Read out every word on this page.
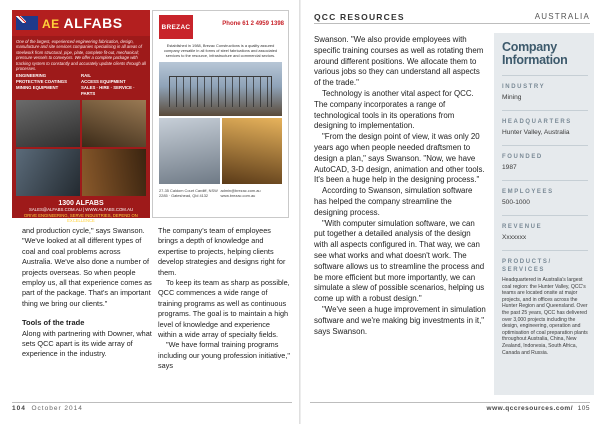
AE ALFABS
One of the largest, experienced engineering fabrication, design, manufacture and site services companies specialising in all areas of steelwork from structural, pipe, plate, complete fit-out, mechanical; pressure vessels to conveyors. We offer a complete package with tracking system to constantly and accurately update clients through all processes.
ENGINEERING	RAIL
PROTECTIVE COATINGS	ACCESS EQUIPMENT
MINING EQUIPMENT	SALES · HIRE · SERVICE · PARTS
1300 ALFABS
SALES@ALFABS.COM.AU | WWW.ALFABS.COM.AU
DRIVE ENGINEERING, SERVE INDUSTRIES, DEPEND ON EXCELLENCE
BREZAC	Phone 61 2 4959 1398
Established in 1988, Brezac Constructions is a quality assured company versatile in all forms of steel fabrications and associated services to the resource, infrastructure and commercial sectors.
27-35 Caldom Court Cardiff, NSW 2285 · Gateshead, Qld 4132
admin@brezac.com.au www.brezac.com.au

and production cycle," says Swanson. "We've looked at all different types of coal and coal problems across Australia. We've also done a number of projects overseas. So when people employ us, all that experience comes as part of the package. That's an important thing we bring our clients."

Tools of the trade

Along with partnering with Downer, what sets QCC apart is its wide array of experience in the industry.

The company's team of employees brings a depth of knowledge and expertise to projects, helping clients develop strategies and designs right for them.

To keep its team as sharp as possible, QCC commences a wide range of training programs as well as continuous programs. The goal is to maintain a high level of knowledge and experience within a wide array of specialty fields.

"We have formal training programs including our young profession initiative," says

104 October 2014
QCC RESOURCES	AUSTRALIA

Swanson. "We also provide employees with specific training courses as well as rotating them around different positions. We allocate them to various jobs so they can understand all aspects of the trade."

Technology is another vital aspect for QCC. The company incorporates a range of technological tools in its operations from designing to implementation.

"From the design point of view, it was only 20 years ago when people needed draftsmen to design a plan," says Swanson. "Now, we have AutoCAD, 3-D design, animation and other tools. It's been a huge help in the designing process."

According to Swanson, simulation software has helped the company streamline the designing process.

"With computer simulation software, we can put together a detailed analysis of the design with all aspects configured in. That way, we can see what works and what doesn't work. The software allows us to streamline the process and be more efficient but more importantly, we can simulate a slew of possible scenarios, helping us come up with a robust design."

"We've seen a huge improvement in simulation software and we're making big investments in it," says Swanson.

Company Information
INDUSTRY
Mining
HEADQUARTERS
Hunter Valley, Australia
FOUNDED
1987
EMPLOYEES
500-1000
REVENUE
Xxxxxxx
PRODUCTS/ SERVICES
Headquartered in Australia's largest coal region: the Hunter Valley, QCC's teams are located onsite at major projects, and in offices across the Hunter Region and Queensland. Over the past 25 years, QCC has delivered over 3,000 projects including the design, engineering, operation and optimisation of coal preparation plants throughout Australia, China, New Zealand, Indonesia, South Africa, Canada and Russia.
www.qccresources.com/ 105
